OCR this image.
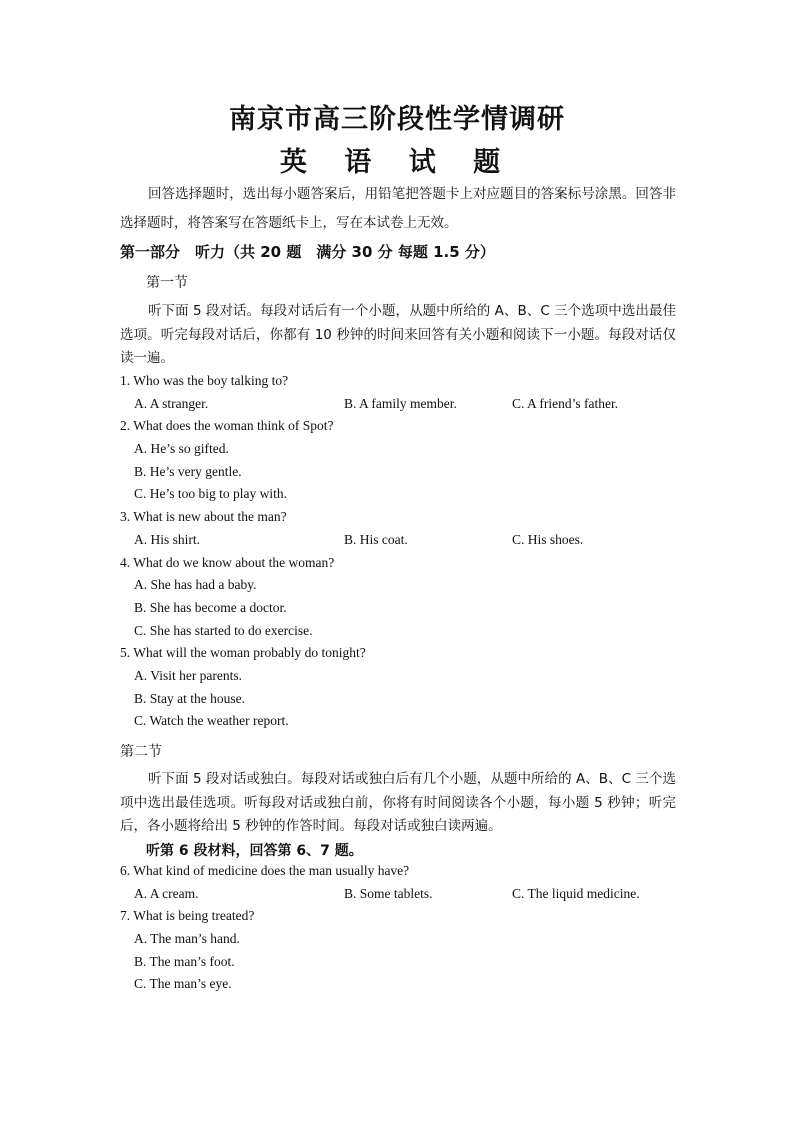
南京市高三阶段性学情调研
英 语 试 题
回答选择题时，选出每小题答案后，用铅笔把答题卡上对应题目的答案标号涂黑。回答非选择题时，将答案写在答题纸卡上，写在本试卷上无效。
第一部分　听力（共 20 题　满分 30 分 每题 1.5 分）
第一节
听下面 5 段对话。每段对话后有一个小题，从题中所给的 A、B、C 三个选项中选出最佳选项。听完每段对话后，你都有 10 秒钟的时间来回答有关小题和阅读下一小题。每段对话仅读一遍。
1. Who was the boy talking to?
A. A stranger.	B. A family member.	C. A friend’s father.
2. What does the woman think of Spot?
A. He’s so gifted.
B. He’s very gentle.
C. He’s too big to play with.
3. What is new about the man?
A. His shirt.	B. His coat.	C. His shoes.
4. What do we know about the woman?
A. She has had a baby.
B. She has become a doctor.
C. She has started to do exercise.
5. What will the woman probably do tonight?
A. Visit her parents.
B. Stay at the house.
C. Watch the weather report.
第二节
听下面 5 段对话或独白。每段对话或独白后有几个小题，从题中所给的 A、B、C 三个选项中选出最佳选项。听每段对话或独白前，你将有时间阅读各个小题，每小题 5 秒钟；听完后，各小题将给出 5 秒钟的作答时间。每段对话或独白读两遍。
听第 6 段材料，回答第 6、7 题。
6. What kind of medicine does the man usually have?
A. A cream.	B. Some tablets.	C. The liquid medicine.
7. What is being treated?
A. The man’s hand.
B. The man’s foot.
C. The man’s eye.
